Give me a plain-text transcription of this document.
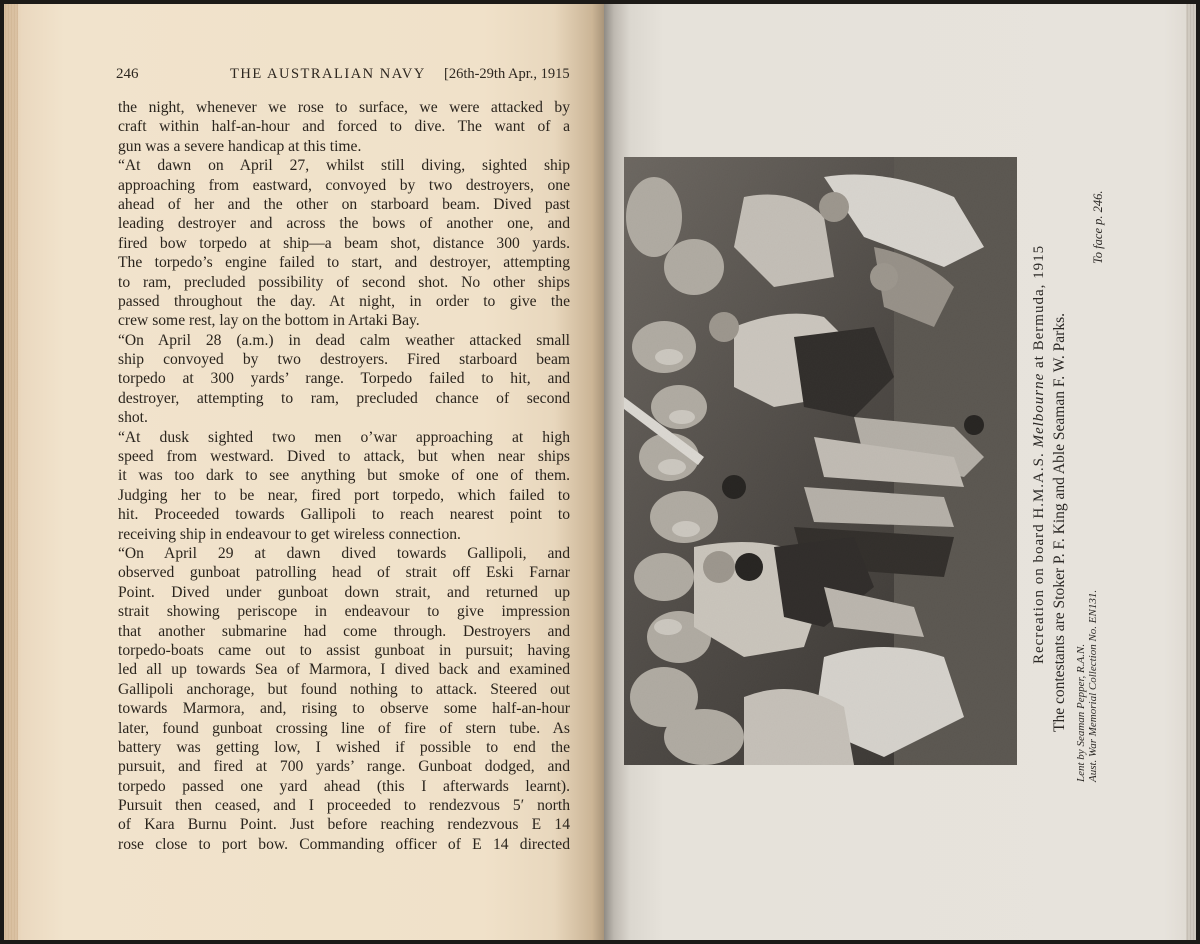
246	THE AUSTRALIAN NAVY [26th-29th Apr., 1915
the night, whenever we rose to surface, we were attacked by
craft within half-an-hour and forced to dive. The want of a
gun was a severe handicap at this time.
“At dawn on April 27, whilst still diving, sighted ship
approaching from eastward, convoyed by two destroyers, one
ahead of her and the other on starboard beam. Dived past
leading destroyer and across the bows of another one, and
fired bow torpedo at ship—a beam shot, distance 300 yards.
The torpedo’s engine failed to start, and destroyer, attempting
to ram, precluded possibility of second shot. No other ships
passed throughout the day. At night, in order to give the
crew some rest, lay on the bottom in Artaki Bay.
“On April 28 (a.m.) in dead calm weather attacked small
ship convoyed by two destroyers. Fired starboard beam
torpedo at 300 yards’ range. Torpedo failed to hit, and
destroyer, attempting to ram, precluded chance of second
shot.
“At dusk sighted two men o’war approaching at high
speed from westward. Dived to attack, but when near ships
it was too dark to see anything but smoke of one of them.
Judging her to be near, fired port torpedo, which failed to
hit. Proceeded towards Gallipoli to reach nearest point to
receiving ship in endeavour to get wireless connection.
“On April 29 at dawn dived towards Gallipoli, and
observed gunboat patrolling head of strait off Eski Farnar
Point. Dived under gunboat down strait, and returned up
strait showing periscope in endeavour to give impression
that another submarine had come through. Destroyers and
torpedo-boats came out to assist gunboat in pursuit; having
led all up towards Sea of Marmora, I dived back and examined
Gallipoli anchorage, but found nothing to attack. Steered out
towards Marmora, and, rising to observe some half-an-hour
later, found gunboat crossing line of fire of stern tube. As
battery was getting low, I wished if possible to end the
pursuit, and fired at 700 yards’ range. Gunboat dodged, and
torpedo passed one yard ahead (this I afterwards learnt).
Pursuit then ceased, and I proceeded to rendezvous 5′ north
of Kara Burnu Point. Just before reaching rendezvous E 14
rose close to port bow. Commanding officer of E 14 directed
Recreation on board H.M.A.S. Melbourne at Bermuda, 1915
The contestants are Stoker P. F. King and Able Seaman F. W. Parks. Lent by Seaman Pepper, R.A.N.
Aust. War Memorial Collection No. EN131.
To face p. 246.
